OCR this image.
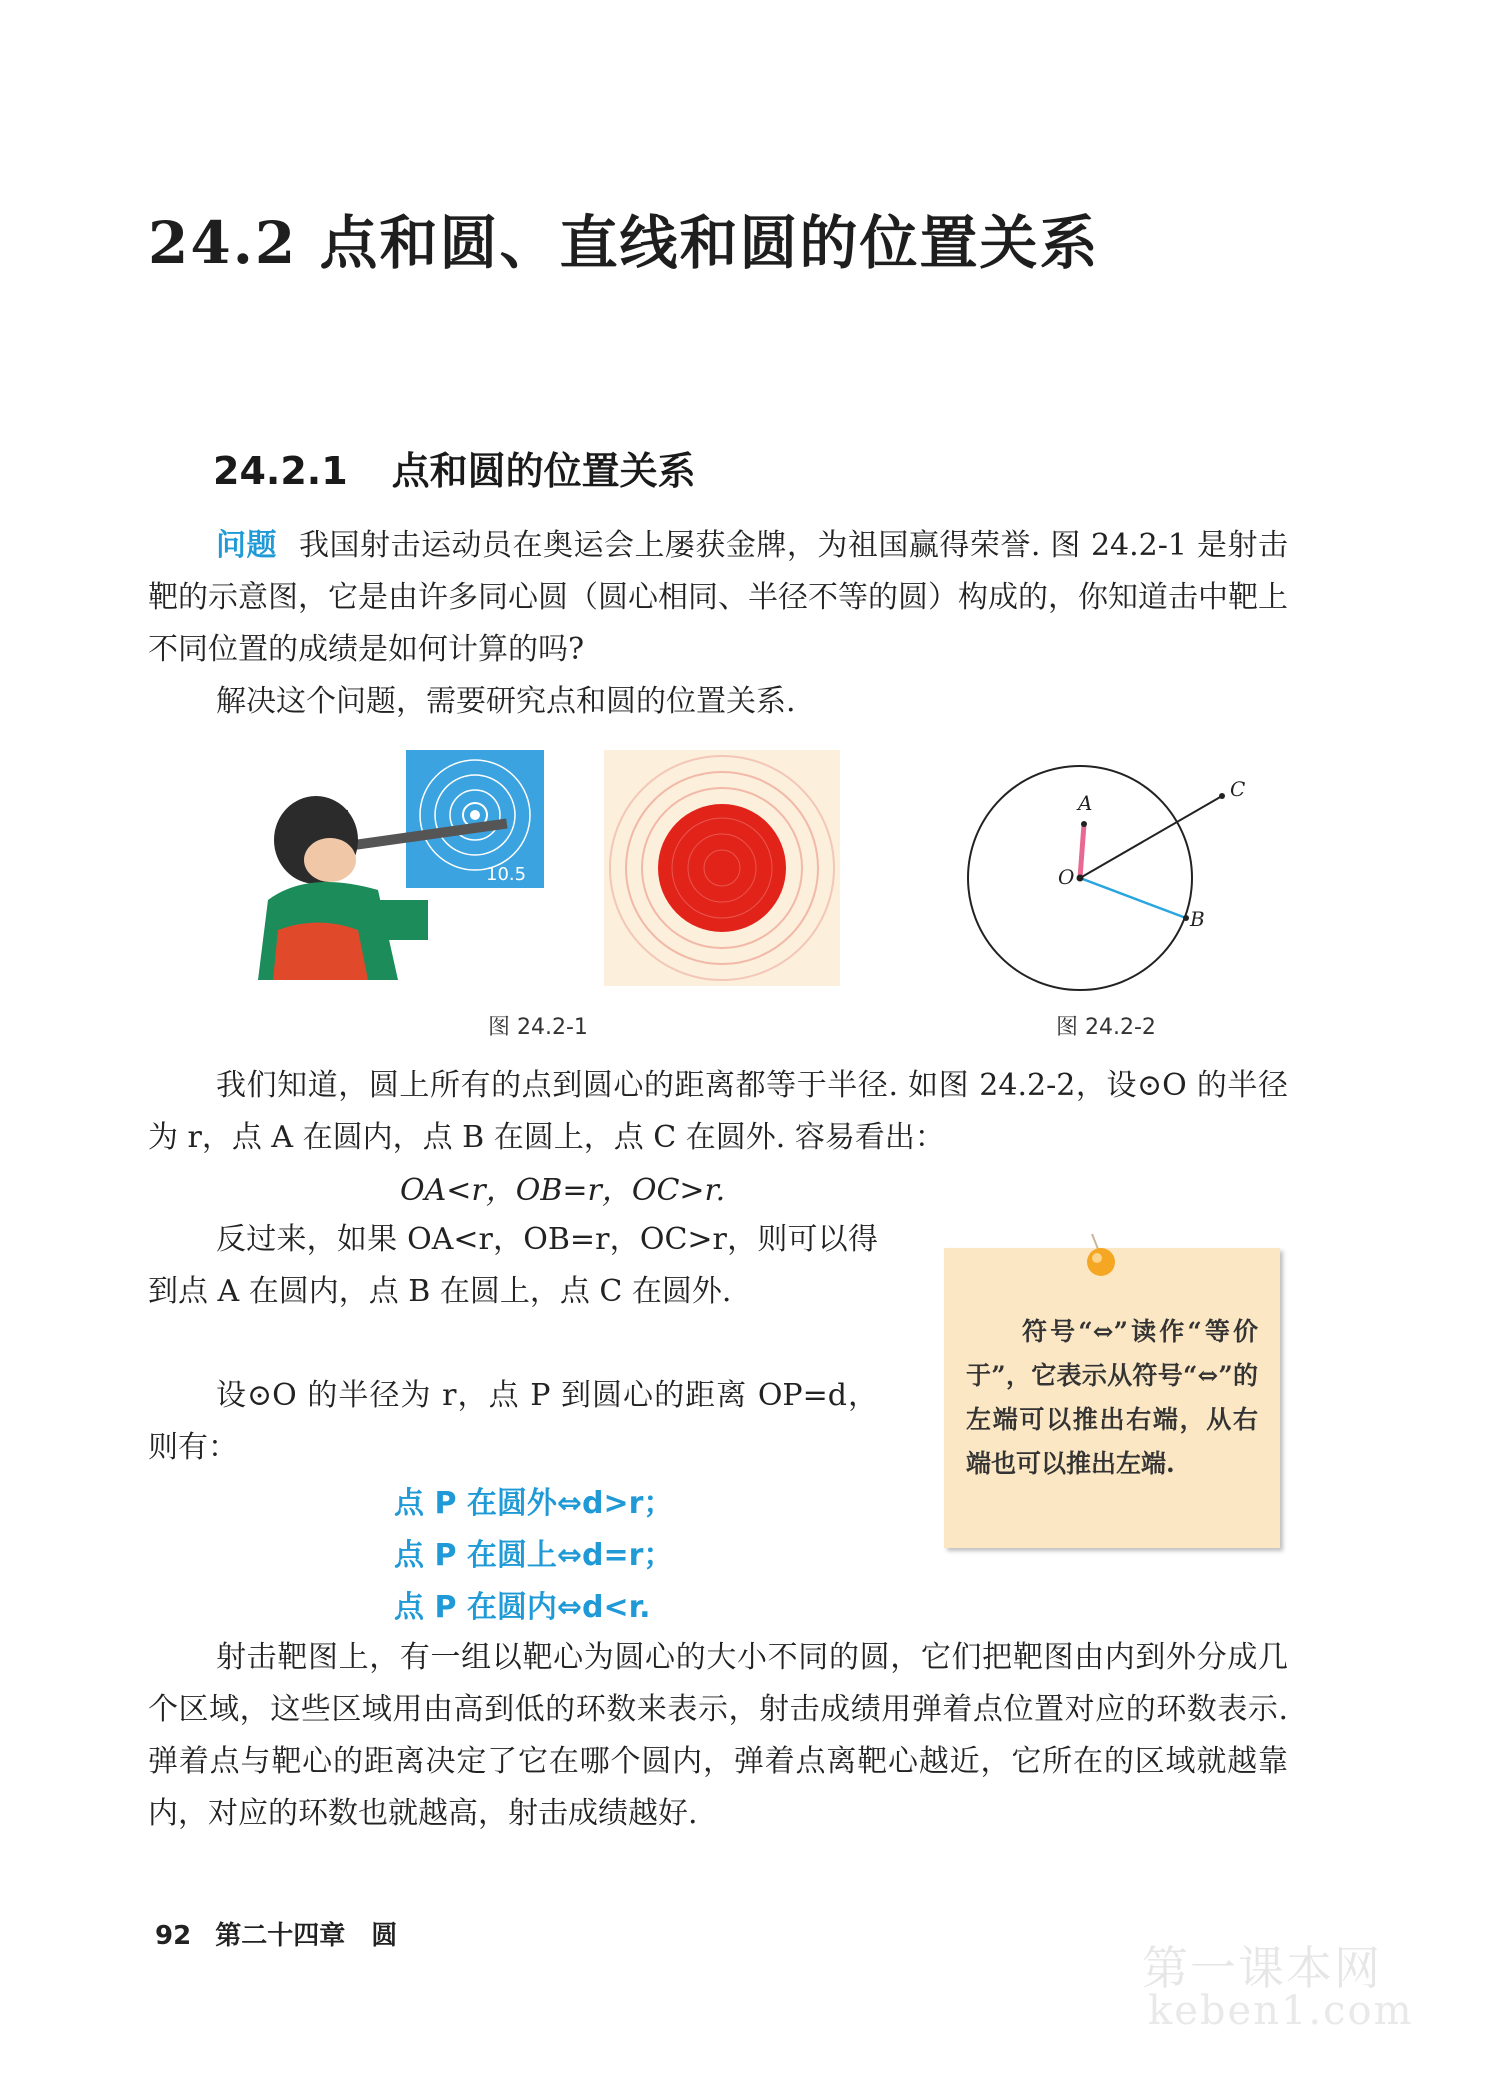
24.2 点和圆、直线和圆的位置关系
24.2.1 点和圆的位置关系
问题 我国射击运动员在奥运会上屡获金牌，为祖国赢得荣誉. 图 24.2-1 是射击靶的示意图，它是由许多同心圆（圆心相同、半径不等的圆）构成的，你知道击中靶上不同位置的成绩是如何计算的吗?
解决这个问题，需要研究点和圆的位置关系.
10.5
图 24.2-1
A
O
B
C
图 24.2-2
我们知道，圆上所有的点到圆心的距离都等于半径. 如图 24.2-2，设⊙O 的半径为 r，点 A 在圆内，点 B 在圆上，点 C 在圆外. 容易看出：
OA<r，OB=r，OC>r.
反过来，如果 OA<r，OB=r，OC>r，则可以得到点 A 在圆内，点 B 在圆上，点 C 在圆外.
设⊙O 的半径为 r，点 P 到圆心的距离 OP=d，则有：
点 P 在圆外⇔d>r；
点 P 在圆上⇔d=r；
点 P 在圆内⇔d<r.
符号“⇔”读作“等价于”，它表示从符号“⇔”的左端可以推出右端，从右端也可以推出左端.
射击靶图上，有一组以靶心为圆心的大小不同的圆，它们把靶图由内到外分成几个区域，这些区域用由高到低的环数来表示，射击成绩用弹着点位置对应的环数表示. 弹着点与靶心的距离决定了它在哪个圆内，弹着点离靶心越近，它所在的区域就越靠内，对应的环数也就越高，射击成绩越好.
92 第二十四章　圆
第一课本网
keben1.com
